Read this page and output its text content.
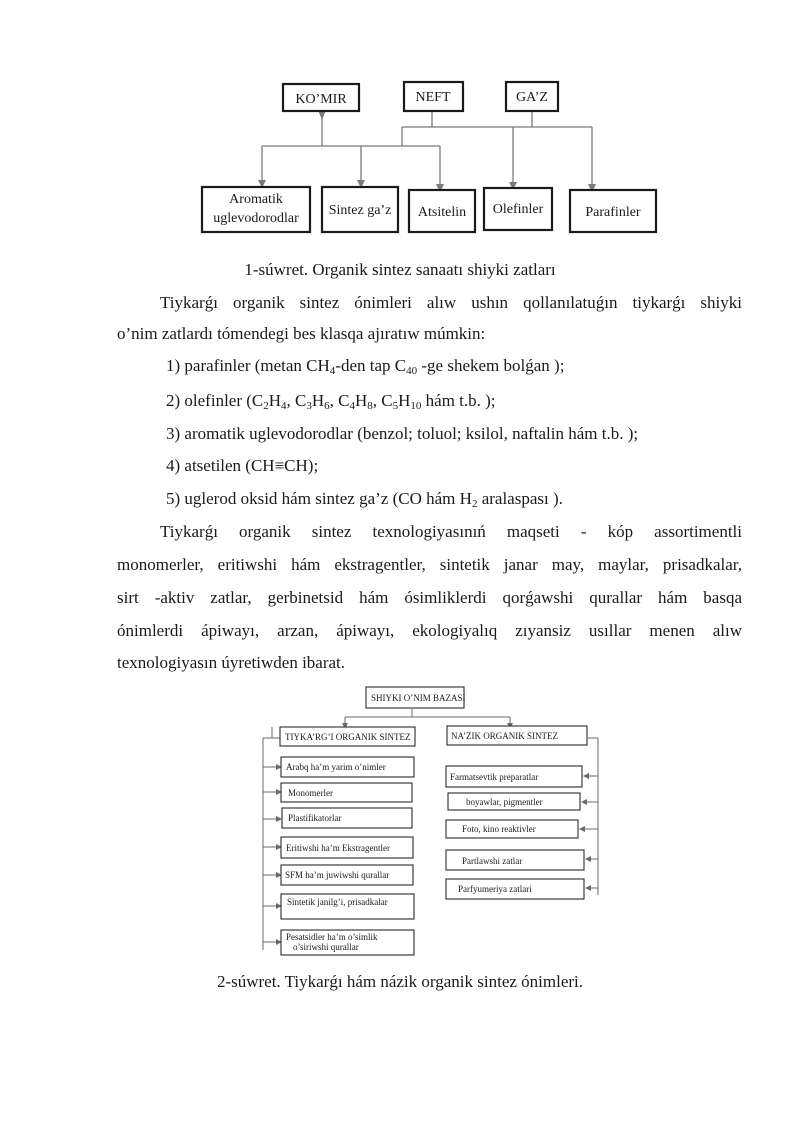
KO’MIR	NEFT	GA’Z
Aromatik
uglevodorodlar
Sintez ga’z Atsitelin Olefinler	Parafinler
1-súwret. Organik sintez sanaatı shiyki zatları
Tiykarǵı organik sintez ónimleri alıw ushın qollanılatuǵın tiykarǵı shiyki
o’nim zatlardı tómendegi bes klasqa ajıratıw múmkin:
1) parafinler (metan $CH_4$-den tap $C_{40}$ -ge shekem bolǵan );
2) olefinler ($C_2H_4$, $C_3H_6$, $C_4H_8$, $C_5H_{10}$ hám t.b. );
3) aromatik uglevodorodlar (benzol; toluol; ksilol, naftalin hám t.b. );
4) atsetilen (CH≡CH);
5) uglerod oksid hám sintez ga’z (CO hám $H_2$ aralaspası ).
Tiykarǵı organik sintez texnologiyasınıń maqseti - kóp assortimentli
monomerler, eritiwshi hám ekstragentler, sintetik janar may, maylar, prisadkalar,
sirt -aktiv zatlar, gerbinetsid hám ósimliklerdi qorǵawshi qurallar hám basqa
ónimlerdi ápiwayı, arzan, ápiwayı, ekologiyalıq zıyansiz usıllar menen alıw
texnologiyasın úyretiwden ibarat.
SHIYKI O’NIM BAZASI
TIYKA’RG’I ORGANIK SINTEZ	NA’ZIK ORGANIK SINTEZ
Arabq ha’m yarim o’nimler
Monomerler
Plastifikatorlar
Eritiwshi ha’m Ekstragentler
SFM ha’m juwiwshi qurallar
Sintetik janilg’i, prisadkalar
Pesatsidler ha’m o’simlik
o’siriwshi qurallar
Farmatsevtik preparatlar
boyawlar, pigmentler
Foto, kino reaktivler
Partlawshi zatlar
Parfyumeriya zatlari
2-súwret. Tiykarǵı hám názik organik sintez ónimleri.
